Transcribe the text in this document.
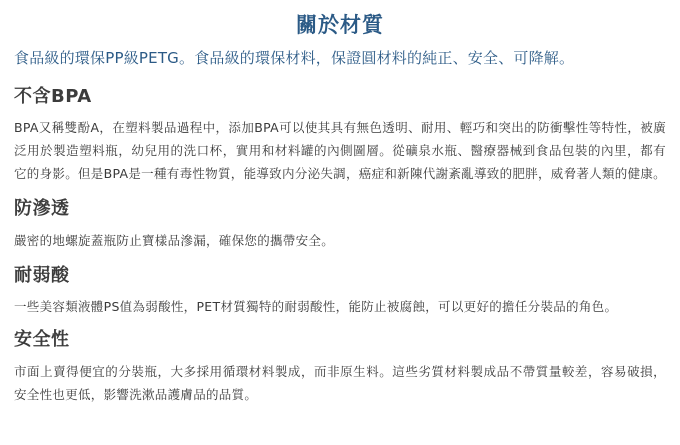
關於材質

食品級的環保PP級PETG。食品級的環保材料，保證圓材料的純正、安全、可降解。

不含BPA

BPA又稱雙酚A，在塑料製品過程中，添加BPA可以使其具有無色透明、耐用、輕巧和突出的防衝擊性等特性，被廣泛用於製造塑料瓶，幼兒用的洗口杯，實用和材料罐的內側圖層。從礦泉水瓶、醫療器械到食品包裝的內里，都有它的身影。但是BPA是一種有毒性物質，能導致内分泌失調，癌症和新陳代謝紊亂導致的肥胖，威脅著人類的健康。

防滲透

嚴密的地螺旋蓋瓶防止寶樣品滲漏，確保您的攜帶安全。

耐弱酸

一些美容類液體PS值為弱酸性，PET材質獨特的耐弱酸性，能防止被腐蝕，可以更好的擔任分裝品的角色。

安全性

市面上賣得便宜的分裝瓶，大多採用循環材料製成，而非原生料。這些劣質材料製成品不帶質量較差，容易破損，安全性也更低，影響洗漱品護膚品的品質。
